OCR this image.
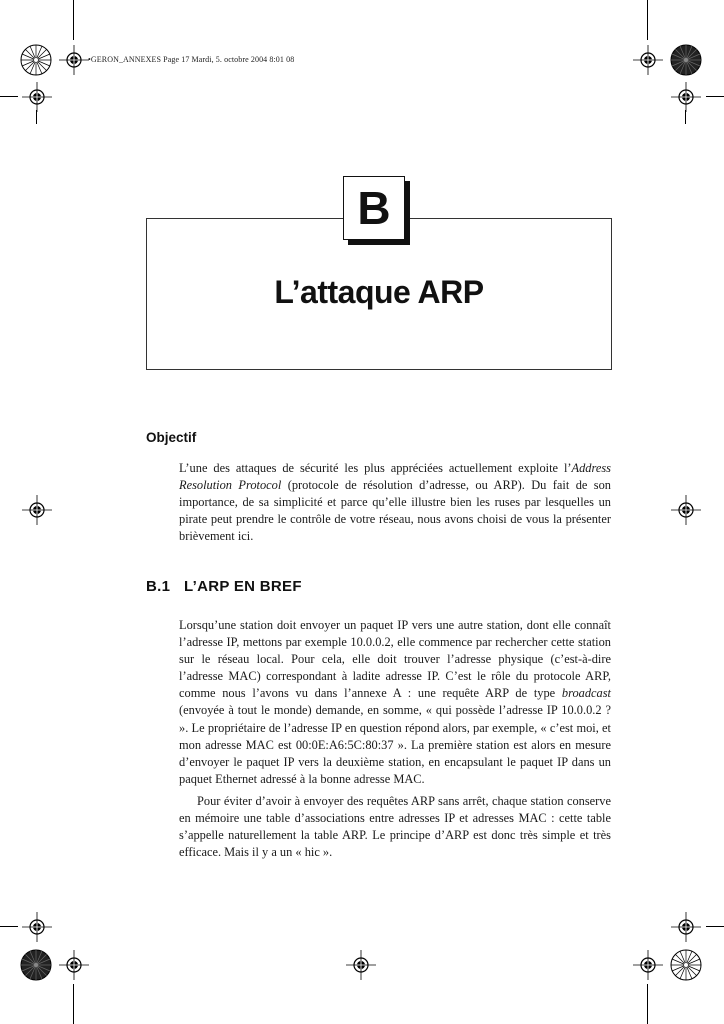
•GERON_ANNEXES Page 17 Mardi, 5. octobre 2004 8:01 08
B
L’attaque ARP
Objectif

L’une des attaques de sécurité les plus appréciées actuellement exploite l’Address Resolution Protocol (protocole de résolution d’adresse, ou ARP). Du fait de son importance, de sa simplicité et parce qu’elle illustre bien les ruses par lesquelles un pirate peut prendre le contrôle de votre réseau, nous avons choisi de vous la présenter brièvement ici.

B.1 L’ARP EN BREF

Lorsqu’une station doit envoyer un paquet IP vers une autre station, dont elle connaît l’adresse IP, mettons par exemple 10.0.0.2, elle commence par rechercher cette station sur le réseau local. Pour cela, elle doit trouver l’adresse physique (c’est-à-dire l’adresse MAC) correspondant à ladite adresse IP. C’est le rôle du protocole ARP, comme nous l’avons vu dans l’annexe A : une requête ARP de type broadcast (envoyée à tout le monde) demande, en somme, « qui possède l’adresse IP 10.0.0.2 ? ». Le propriétaire de l’adresse IP en question répond alors, par exemple, « c’est moi, et mon adresse MAC est 00:0E:A6:5C:80:37 ». La première station est alors en mesure d’envoyer le paquet IP vers la deuxième station, en encapsulant le paquet IP dans un paquet Ethernet adressé à la bonne adresse MAC.

Pour éviter d’avoir à envoyer des requêtes ARP sans arrêt, chaque station conserve en mémoire une table d’associations entre adresses IP et adresses MAC : cette table s’appelle naturellement la table ARP. Le principe d’ARP est donc très simple et très efficace. Mais il y a un « hic ».
